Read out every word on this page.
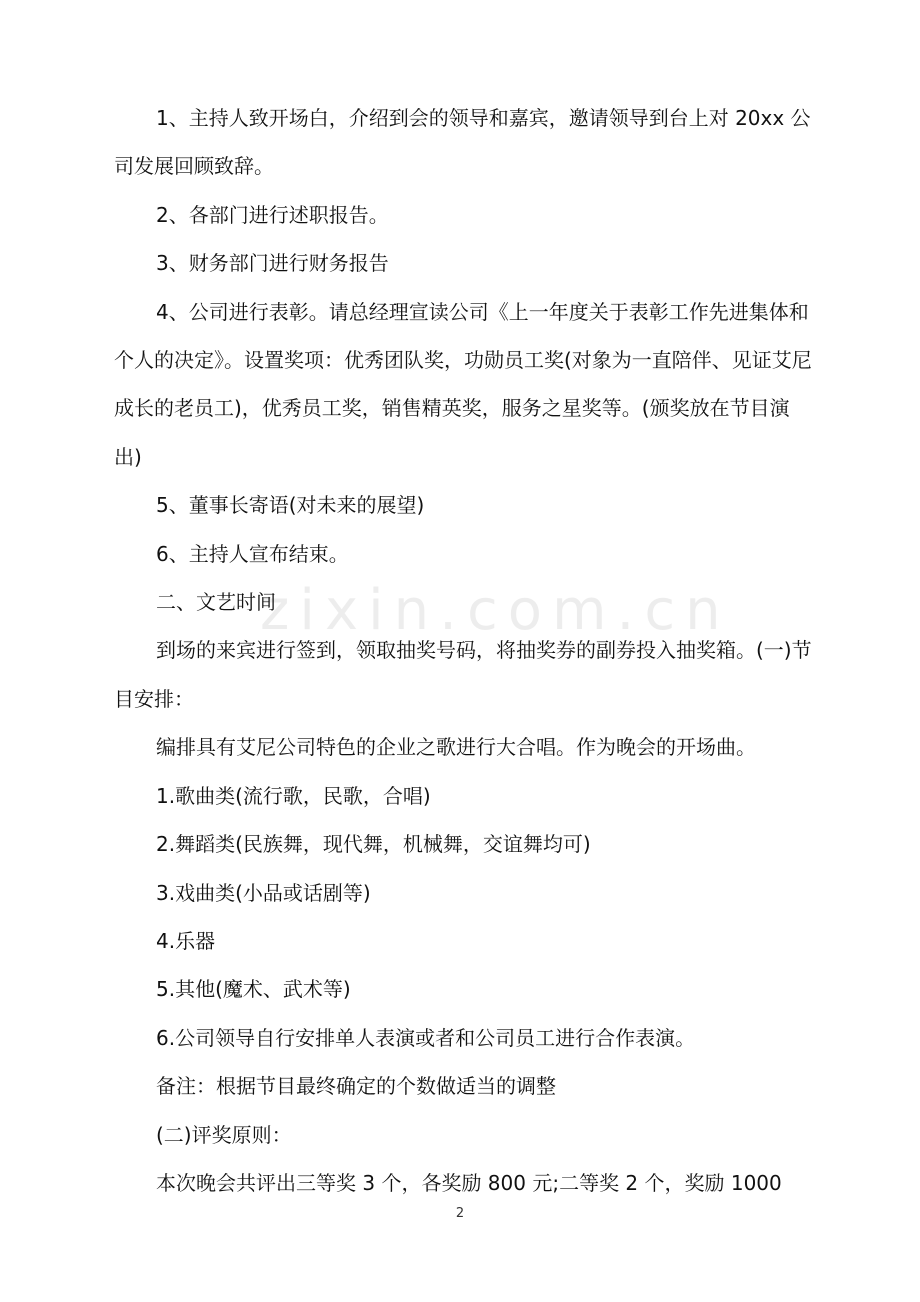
zixin.com.cn

1、主持人致开场白，介绍到会的领导和嘉宾，邀请领导到台上对 20xx 公司发展回顾致辞。

2、各部门进行述职报告。

3、财务部门进行财务报告

4、公司进行表彰。请总经理宣读公司《上一年度关于表彰工作先进集体和个人的决定》。设置奖项：优秀团队奖，功勋员工奖(对象为一直陪伴、见证艾尼成长的老员工)，优秀员工奖，销售精英奖，服务之星奖等。(颁奖放在节目演出)

5、董事长寄语(对未来的展望)

6、主持人宣布结束。

二、文艺时间

到场的来宾进行签到，领取抽奖号码，将抽奖券的副券投入抽奖箱。(一)节目安排：

编排具有艾尼公司特色的企业之歌进行大合唱。作为晚会的开场曲。

1.歌曲类(流行歌，民歌，合唱)

2.舞蹈类(民族舞，现代舞，机械舞，交谊舞均可)

3.戏曲类(小品或话剧等)

4.乐器

5.其他(魔术、武术等)

6.公司领导自行安排单人表演或者和公司员工进行合作表演。

备注：根据节目最终确定的个数做适当的调整

(二)评奖原则：

本次晚会共评出三等奖 3 个，各奖励 800 元;二等奖 2 个，奖励 1000

2
